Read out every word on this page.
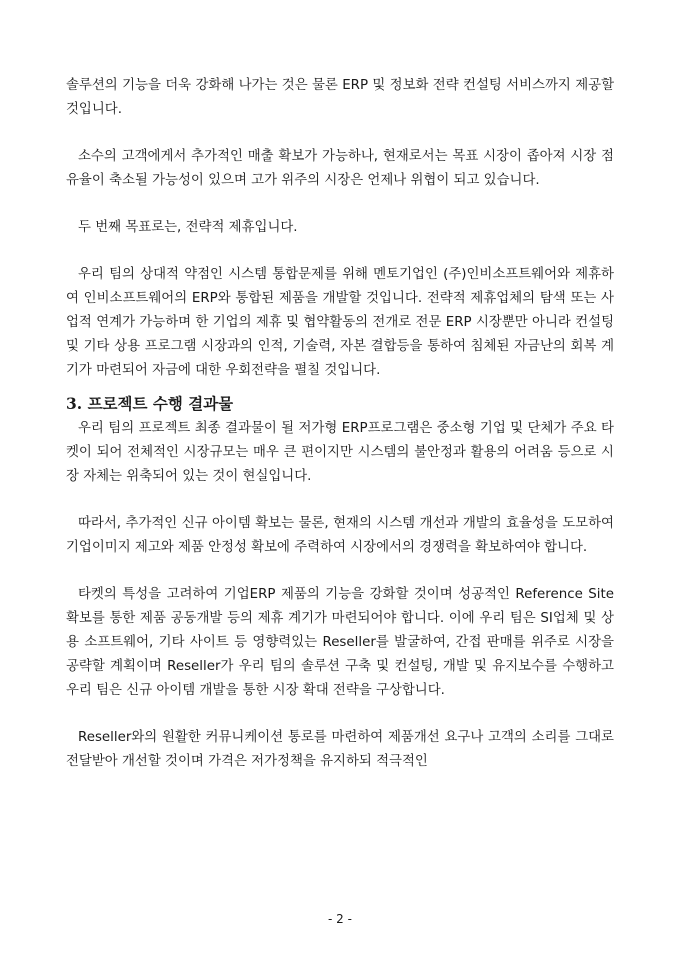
솔루션의 기능을 더욱 강화해 나가는 것은 물론 ERP 및 정보화 전략 컨설팅 서비스까지 제공할 것입니다.

소수의 고객에게서 추가적인 매출 확보가 가능하나, 현재로서는 목표 시장이 좁아져 시장 점유율이 축소될 가능성이 있으며 고가 위주의 시장은 언제나 위협이 되고 있습니다.

두 번째 목표로는, 전략적 제휴입니다.

우리 팀의 상대적 약점인 시스템 통합문제를 위해 멘토기업인 (주)인비소프트웨어와 제휴하여 인비소프트웨어의 ERP와 통합된 제품을 개발할 것입니다. 전략적 제휴업체의 탐색 또는 사업적 연계가 가능하며 한 기업의 제휴 및 협약활동의 전개로 전문 ERP 시장뿐만 아니라 컨설팅 및 기타 상용 프로그램 시장과의 인적, 기술력, 자본 결합등을 통하여 침체된 자금난의 회복 계기가 마련되어 자금에 대한 우회전략을 펼칠 것입니다.

3. 프로젝트 수행 결과물

우리 팀의 프로젝트 최종 결과물이 될 저가형 ERP프로그램은 중소형 기업 및 단체가 주요 타켓이 되어 전체적인 시장규모는 매우 큰 편이지만 시스템의 불안정과 활용의 어려움 등으로 시장 자체는 위축되어 있는 것이 현실입니다.

따라서, 추가적인 신규 아이템 확보는 물론, 현재의 시스템 개선과 개발의 효율성을 도모하여 기업이미지 제고와 제품 안정성 확보에 주력하여 시장에서의 경쟁력을 확보하여야 합니다.

타켓의 특성을 고려하여 기업ERP 제품의 기능을 강화할 것이며 성공적인 Reference Site 확보를 통한 제품 공동개발 등의 제휴 계기가 마련되어야 합니다. 이에 우리 팀은 SI업체 및 상용 소프트웨어, 기타 사이트 등 영향력있는 Reseller를 발굴하여, 간접 판매를 위주로 시장을 공략할 계획이며 Reseller가 우리 팀의 솔루션 구축 및 컨설팅, 개발 및 유지보수를 수행하고 우리 팀은 신규 아이템 개발을 통한 시장 확대 전략을 구상합니다.

Reseller와의 원활한 커뮤니케이션 통로를 마련하여 제품개선 요구나 고객의 소리를 그대로 전달받아 개선할 것이며 가격은 저가정책을 유지하되 적극적인

- 2 -
